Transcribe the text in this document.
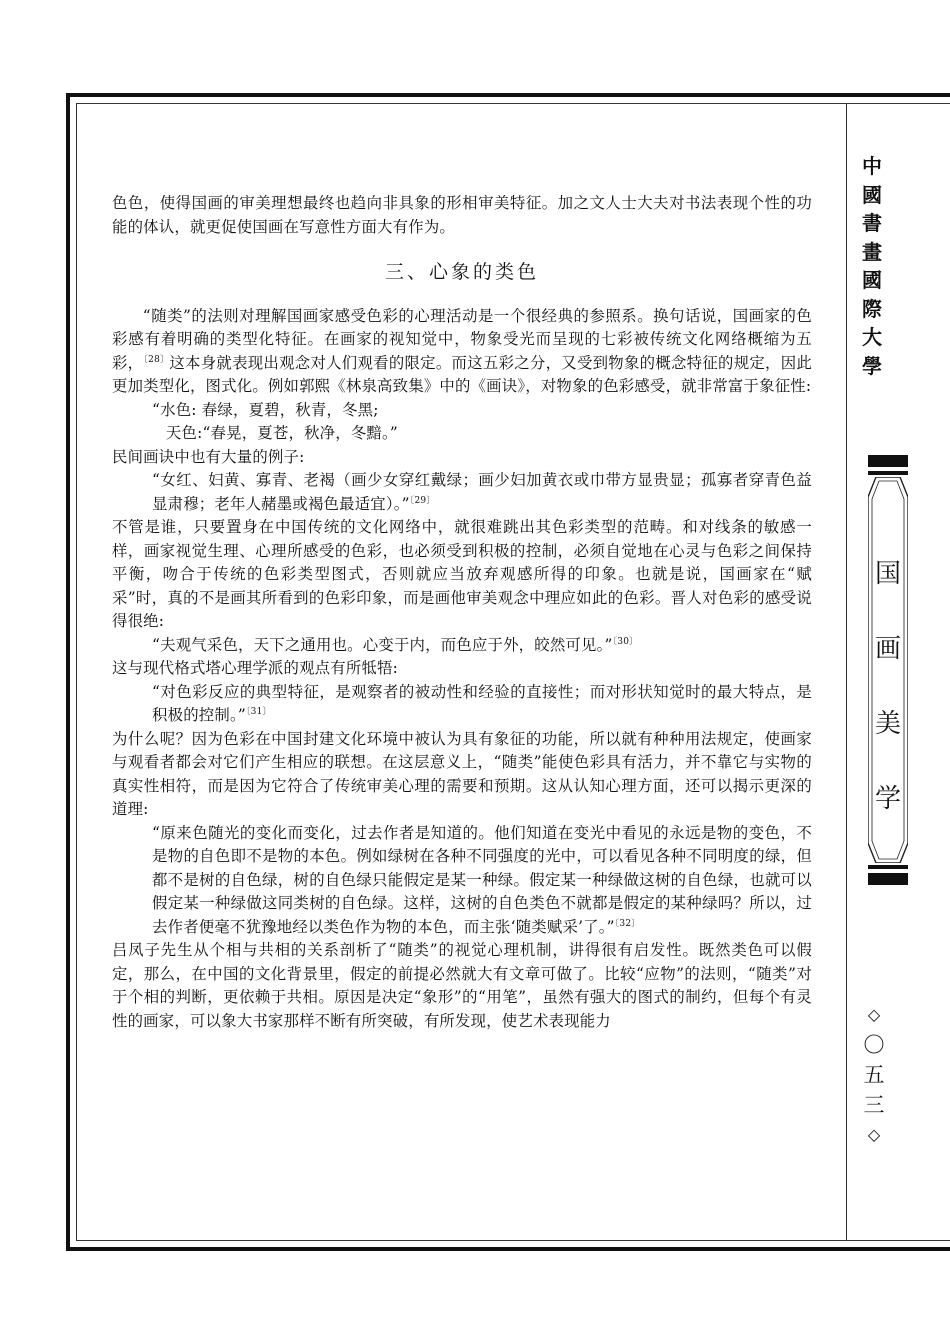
色色，使得国画的审美理想最终也趋向非具象的形相审美特征。加之文人士大夫对书法表现个性的功能的体认，就更促使国画在写意性方面大有作为。

三、心象的类色

“随类”的法则对理解国画家感受色彩的心理活动是一个很经典的参照系。换句话说，国画家的色彩感有着明确的类型化特征。在画家的视知觉中，物象受光而呈现的七彩被传统文化网络概缩为五彩，$^{〔28〕}$这本身就表现出观念对人们观看的限定。而这五彩之分，又受到物象的概念特征的规定，因此更加类型化，图式化。例如郭熙《林泉高致集》中的《画诀》，对物象的色彩感受，就非常富于象征性:

“水色: 春绿，夏碧，秋青，冬黑;

天色:“春晃，夏苍，秋净，冬黯。”

民间画诀中也有大量的例子:

“女红、妇黄、寡青、老褐（画少女穿红戴绿；画少妇加黄衣或巾带方显贵显；孤寡者穿青色益显肃穆；老年人赭墨或褐色最适宜）。”$^{〔29〕}$

不管是谁，只要置身在中国传统的文化网络中，就很难跳出其色彩类型的范畴。和对线条的敏感一样，画家视觉生理、心理所感受的色彩，也必须受到积极的控制，必须自觉地在心灵与色彩之间保持平衡，吻合于传统的色彩类型图式，否则就应当放弃观感所得的印象。也就是说，国画家在“赋采”时，真的不是画其所看到的色彩印象，而是画他审美观念中理应如此的色彩。晋人对色彩的感受说得很绝:

“夫观气采色，天下之通用也。心变于内，而色应于外，皎然可见。”$^{〔30〕}$

这与现代格式塔心理学派的观点有所牴牾:

“对色彩反应的典型特征，是观察者的被动性和经验的直接性；而对形状知觉时的最大特点，是积极的控制。”$^{〔31〕}$

为什么呢？因为色彩在中国封建文化环境中被认为具有象征的功能，所以就有种种用法规定，使画家与观看者都会对它们产生相应的联想。在这层意义上，“随类”能使色彩具有活力，并不靠它与实物的真实性相符，而是因为它符合了传统审美心理的需要和预期。这从认知心理方面，还可以揭示更深的道理:

“原来色随光的变化而变化，过去作者是知道的。他们知道在变光中看见的永远是物的变色，不是物的自色即不是物的本色。例如绿树在各种不同强度的光中，可以看见各种不同明度的绿，但都不是树的自色绿，树的自色绿只能假定是某一种绿。假定某一种绿做这树的自色绿，也就可以假定某一种绿做这同类树的自色绿。这样，这树的自色类色不就都是假定的某种绿吗？所以，过去作者便毫不犹豫地经以类色作为物的本色，而主张‘随类赋采’了。”$^{〔32〕}$

吕凤子先生从个相与共相的关系剖析了“随类”的视觉心理机制，讲得很有启发性。既然类色可以假定，那么，在中国的文化背景里，假定的前提必然就大有文章可做了。比较“应物”的法则，“随类”对于个相的判断，更依赖于共相。原因是决定“象形”的“用笔”，虽然有强大的图式的制约，但每个有灵性的画家，可以象大书家那样不断有所突破，有所发现，使艺术表现能力

中
國
書
畫
國
際
大
學
国
画
美
学
◇
〇
五
三
◇
